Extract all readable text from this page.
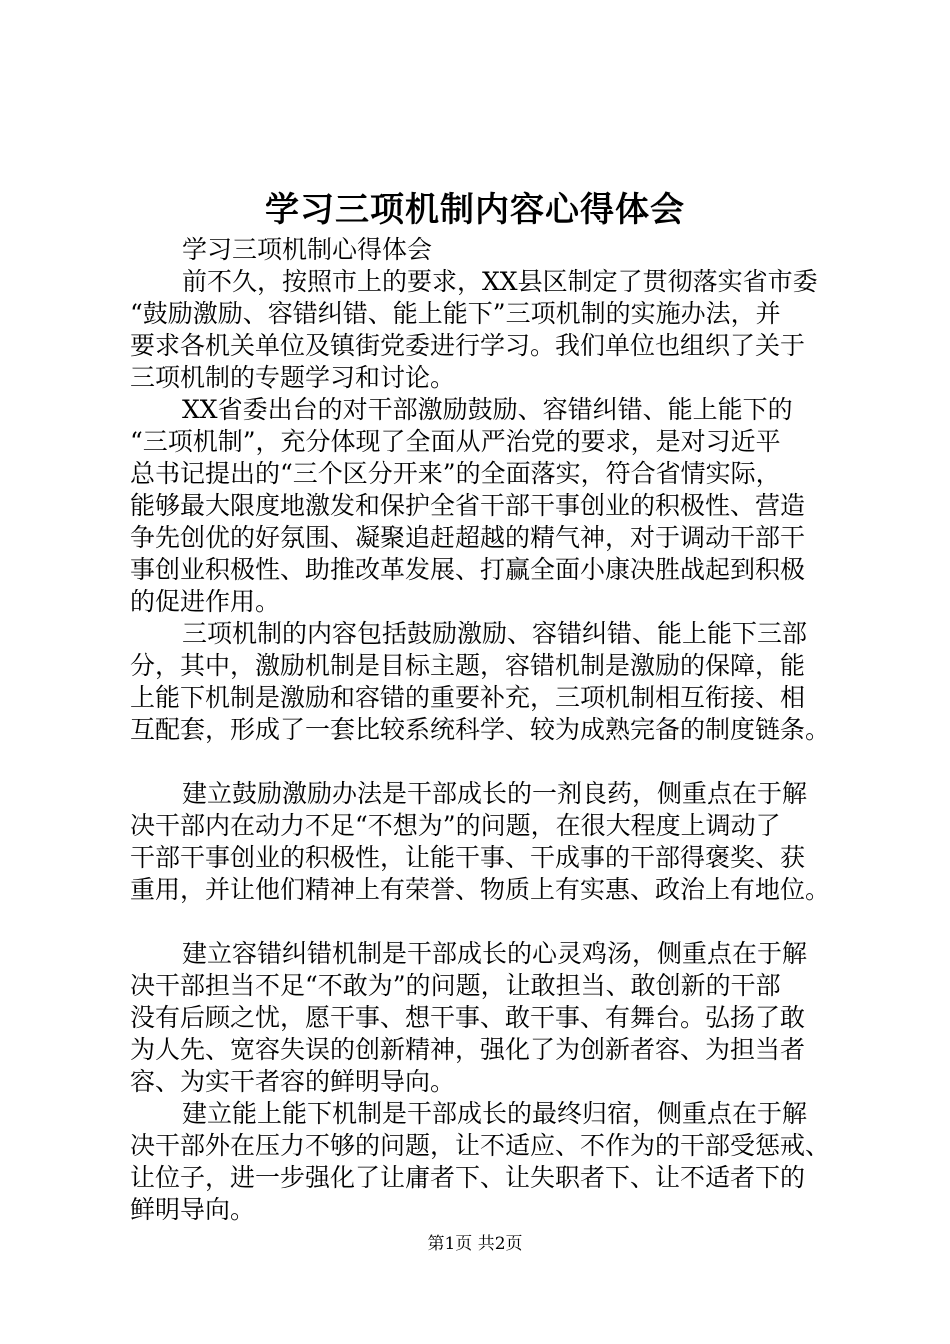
学习三项机制内容心得体会
学习三项机制心得体会
前不久，按照市上的要求，XX县区制定了贯彻落实省市委
“鼓励激励、容错纠错、能上能下”三项机制的实施办法，并
要求各机关单位及镇街党委进行学习。我们单位也组织了关于
三项机制的专题学习和讨论。
XX省委出台的对干部激励鼓励、容错纠错、能上能下的
“三项机制”，充分体现了全面从严治党的要求，是对习近平
总书记提出的“三个区分开来”的全面落实，符合省情实际，
能够最大限度地激发和保护全省干部干事创业的积极性、营造
争先创优的好氛围、凝聚追赶超越的精气神，对于调动干部干
事创业积极性、助推改革发展、打赢全面小康决胜战起到积极
的促进作用。
三项机制的内容包括鼓励激励、容错纠错、能上能下三部
分，其中，激励机制是目标主题，容错机制是激励的保障，能
上能下机制是激励和容错的重要补充，三项机制相互衔接、相
互配套，形成了一套比较系统科学、较为成熟完备的制度链条。
建立鼓励激励办法是干部成长的一剂良药，侧重点在于解
决干部内在动力不足“不想为”的问题，在很大程度上调动了
干部干事创业的积极性，让能干事、干成事的干部得褒奖、获
重用，并让他们精神上有荣誉、物质上有实惠、政治上有地位。
建立容错纠错机制是干部成长的心灵鸡汤，侧重点在于解
决干部担当不足“不敢为”的问题，让敢担当、敢创新的干部
没有后顾之忧，愿干事、想干事、敢干事、有舞台。弘扬了敢
为人先、宽容失误的创新精神，强化了为创新者容、为担当者
容、为实干者容的鲜明导向。
建立能上能下机制是干部成长的最终归宿，侧重点在于解
决干部外在压力不够的问题，让不适应、不作为的干部受惩戒、
让位子，进一步强化了让庸者下、让失职者下、让不适者下的
鲜明导向。
第1页 共2页
